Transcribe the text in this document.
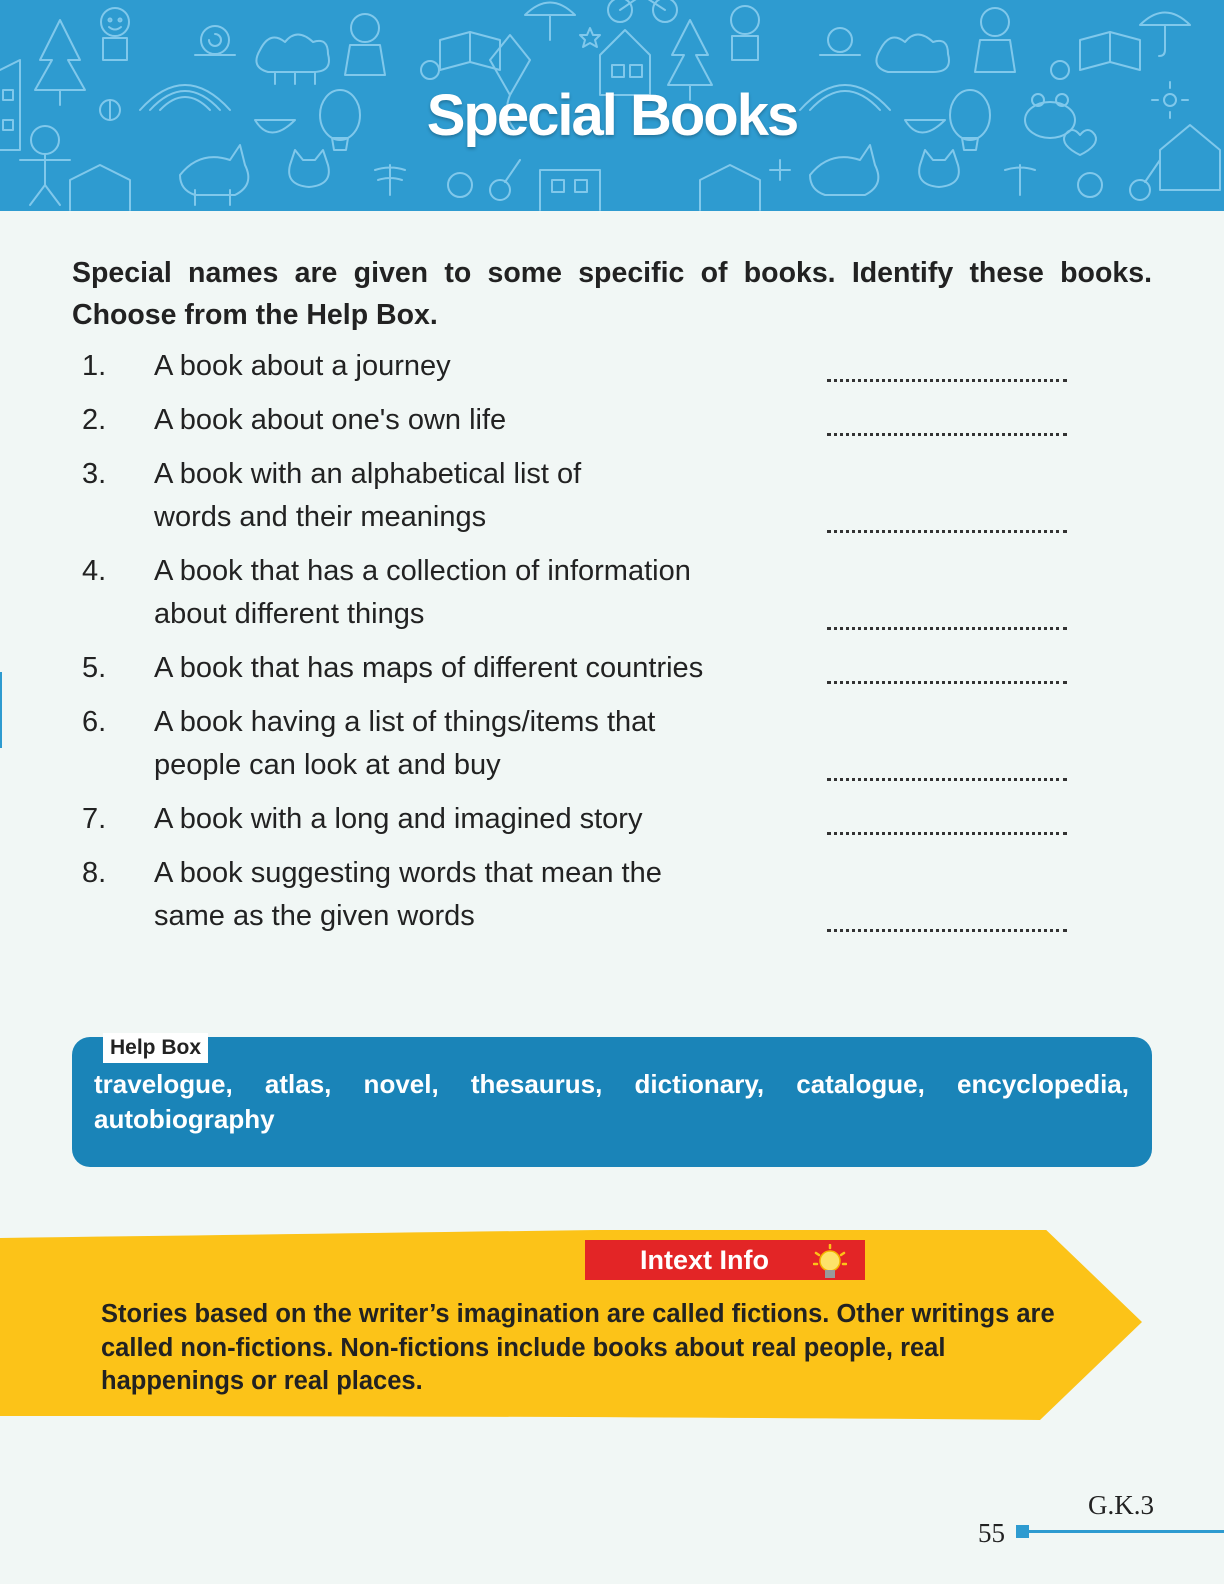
Special Books
Special names are given to some specific of books. Identify these books. Choose from the Help Box.
1.	A book about a journey
2.	A book about one's own life
3.	A book with an alphabetical list of words and their meanings
4.	A book that has a collection of information about different things
5.	A book that has maps of different countries
6.	A book having a list of things/items that people can look at and buy
7.	A book with a long and imagined story
8.	A book suggesting words that mean the same as the given words
Help Box
travelogue, atlas, novel, thesaurus, dictionary, catalogue, encyclopedia, autobiography
Intext Info
Stories based on the writer’s imagination are called fictions. Other writings are called non-fictions. Non-fictions include books about real people, real happenings or real places.
G.K.3
55
